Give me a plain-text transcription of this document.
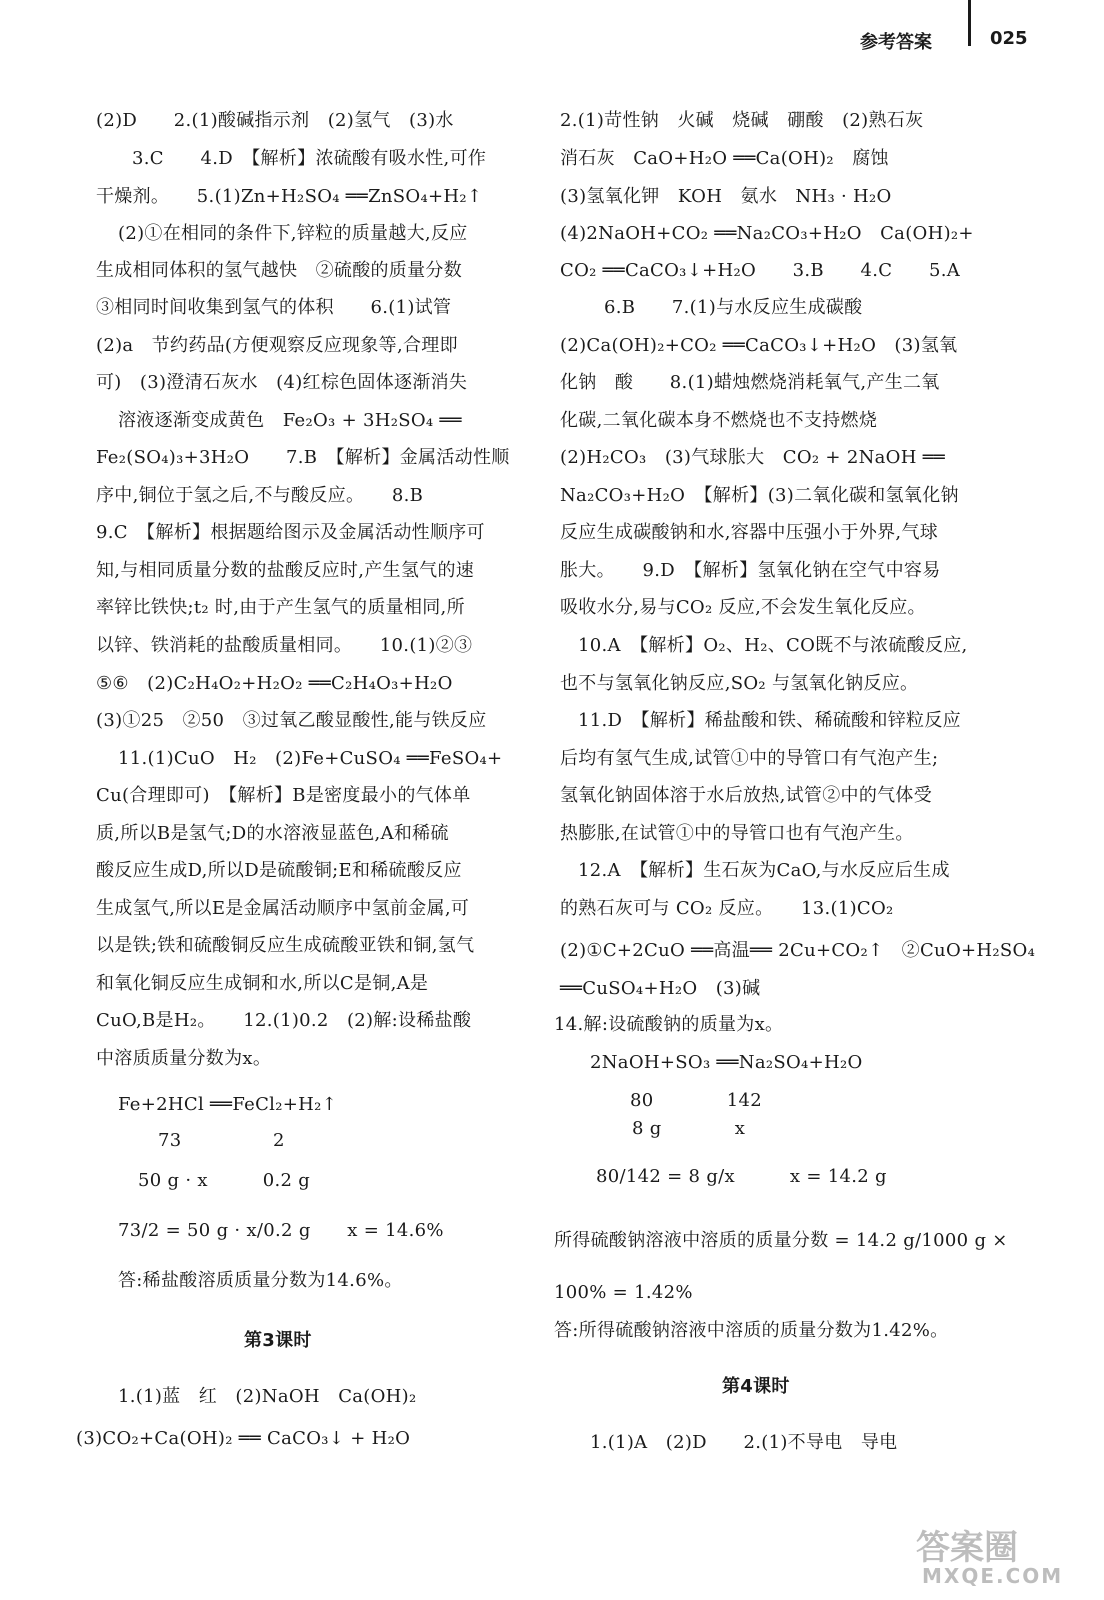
参考答案	025
(2)D　　2.(1)酸碱指示剂　(2)氢气　(3)水
3.C　　4.D　【解析】浓硫酸有吸水性,可作
干燥剂。　　5.(1)Zn+H₂SO₄ ══ZnSO₄+H₂↑
(2)①在相同的条件下,锌粒的质量越大,反应
生成相同体积的氢气越快　②硫酸的质量分数
③相同时间收集到氢气的体积　　6.(1)试管
(2)a　节约药品(方便观察反应现象等,合理即
可)　(3)澄清石灰水　(4)红棕色固体逐渐消失
溶液逐渐变成黄色　Fe₂O₃ + 3H₂SO₄ ══
Fe₂(SO₄)₃+3H₂O　　7.B　【解析】金属活动性顺
序中,铜位于氢之后,不与酸反应。　　8.B
9.C　【解析】根据题给图示及金属活动性顺序可
知,与相同质量分数的盐酸反应时,产生氢气的速
率锌比铁快;t₂ 时,由于产生氢气的质量相同,所
以锌、铁消耗的盐酸质量相同。　　10.(1)②③
⑤⑥　(2)C₂H₄O₂+H₂O₂ ══C₂H₄O₃+H₂O
(3)①25　②50　③过氧乙酸显酸性,能与铁反应
11.(1)CuO　H₂　(2)Fe+CuSO₄ ══FeSO₄+
Cu(合理即可)　【解析】B是密度最小的气体单
质,所以B是氢气;D的水溶液显蓝色,A和稀硫
酸反应生成D,所以D是硫酸铜;E和稀硫酸反应
生成氢气,所以E是金属活动顺序中氢前金属,可
以是铁;铁和硫酸铜反应生成硫酸亚铁和铜,氢气
和氧化铜反应生成铜和水,所以C是铜,A是
CuO,B是H₂。　　12.(1)0.2　(2)解:设稀盐酸
中溶质质量分数为x。
Fe+2HCl ══FeCl₂+H₂↑
73　　　　　2
50 g · x　　　0.2 g
73/2 = 50 g · x/0.2 g　　x = 14.6%
答:稀盐酸溶质质量分数为14.6%。
第3课时
1.(1)蓝　红　(2)NaOH　Ca(OH)₂
(3)CO₂+Ca(OH)₂ ══ CaCO₃↓ + H₂O
2.(1)苛性钠　火碱　烧碱　硼酸　(2)熟石灰
消石灰　CaO+H₂O ══Ca(OH)₂　腐蚀
(3)氢氧化钾　KOH　氨水　NH₃ · H₂O
(4)2NaOH+CO₂ ══Na₂CO₃+H₂O　Ca(OH)₂+
CO₂ ══CaCO₃↓+H₂O　　3.B　　4.C　　5.A
6.B　　7.(1)与水反应生成碳酸
(2)Ca(OH)₂+CO₂ ══CaCO₃↓+H₂O　(3)氢氧
化钠　酸　　8.(1)蜡烛燃烧消耗氧气,产生二氧
化碳,二氧化碳本身不燃烧也不支持燃烧
(2)H₂CO₃　(3)气球胀大　CO₂ + 2NaOH ══
Na₂CO₃+H₂O　【解析】(3)二氧化碳和氢氧化钠
反应生成碳酸钠和水,容器中压强小于外界,气球
胀大。　　9.D　【解析】氢氧化钠在空气中容易
吸收水分,易与CO₂ 反应,不会发生氧化反应。
10.A　【解析】O₂、H₂、CO既不与浓硫酸反应,
也不与氢氧化钠反应,SO₂ 与氢氧化钠反应。
11.D　【解析】稀盐酸和铁、稀硫酸和锌粒反应
后均有氢气生成,试管①中的导管口有气泡产生;
氢氧化钠固体溶于水后放热,试管②中的气体受
热膨胀,在试管①中的导管口也有气泡产生。
12.A　【解析】生石灰为CaO,与水反应后生成
的熟石灰可与 CO₂ 反应。　　13.(1)CO₂
(2)①C+2CuO ══高温══ 2Cu+CO₂↑　②CuO+H₂SO₄
══CuSO₄+H₂O　(3)碱
14.解:设硫酸钠的质量为x。
2NaOH+SO₃ ══Na₂SO₄+H₂O
80　　　　142
8 g　　　　x
80/142 = 8 g/x　　　x = 14.2 g
所得硫酸钠溶液中溶质的质量分数 = 14.2 g/1000 g ×
100% = 1.42%
答:所得硫酸钠溶液中溶质的质量分数为1.42%。
第4课时
1.(1)A　(2)D　　2.(1)不导电　导电
答案圈
MXQE.COM
